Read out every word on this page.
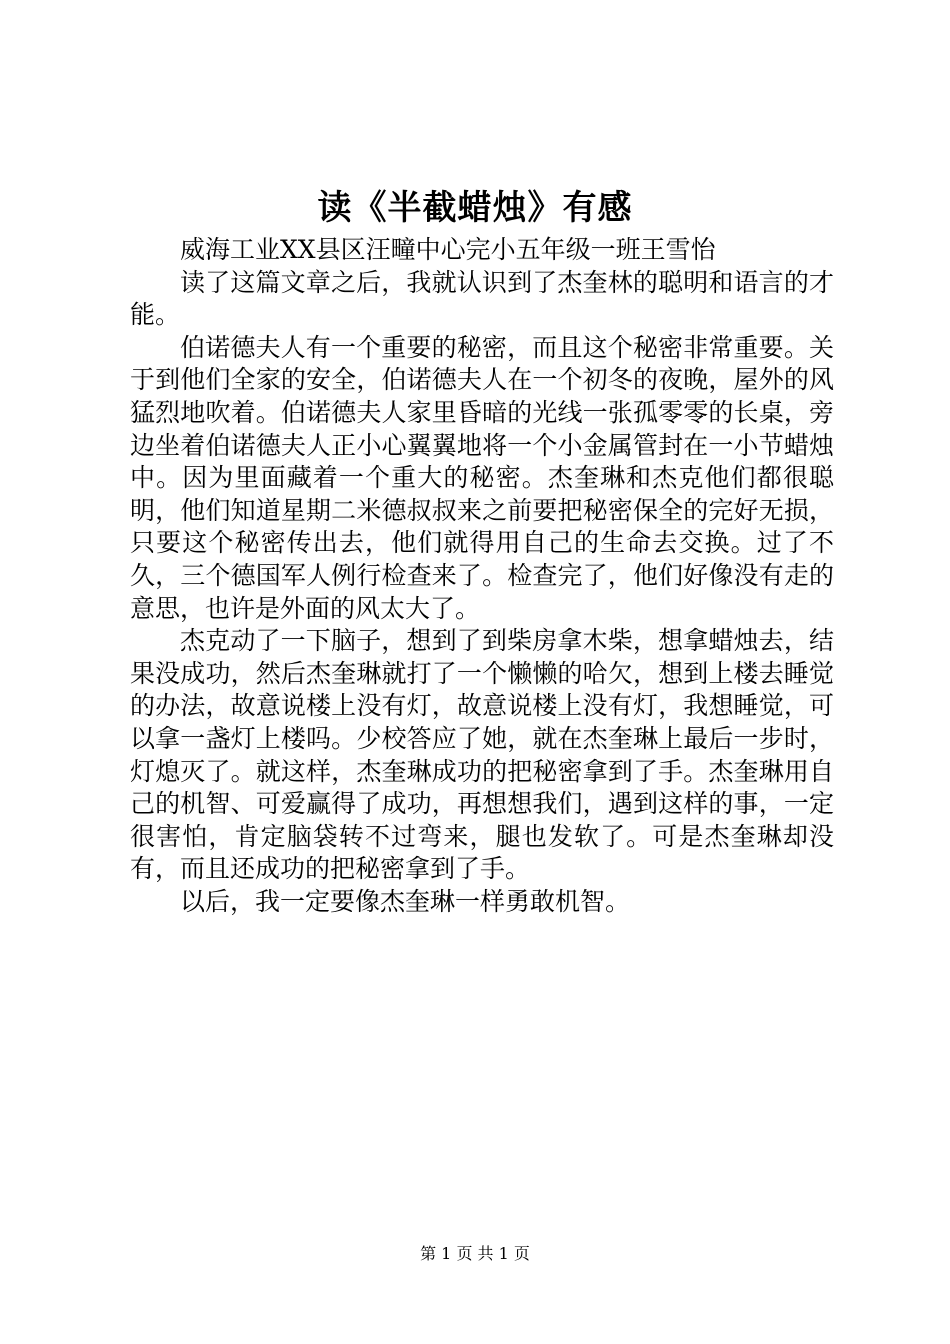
读《半截蜡烛》有感

威海工业XX县区汪疃中心完小五年级一班王雪怡

读了这篇文章之后，我就认识到了杰奎林的聪明和语言的才能。

伯诺德夫人有一个重要的秘密，而且这个秘密非常重要。关于到他们全家的安全，伯诺德夫人在一个初冬的夜晚，屋外的风猛烈地吹着。伯诺德夫人家里昏暗的光线一张孤零零的长桌，旁边坐着伯诺德夫人正小心翼翼地将一个小金属管封在一小节蜡烛中。因为里面藏着一个重大的秘密。杰奎琳和杰克他们都很聪明，他们知道星期二米德叔叔来之前要把秘密保全的完好无损，只要这个秘密传出去，他们就得用自己的生命去交换。过了不久，三个德国军人例行检查来了。检查完了，他们好像没有走的意思，也许是外面的风太大了。

杰克动了一下脑子，想到了到柴房拿木柴，想拿蜡烛去，结果没成功，然后杰奎琳就打了一个懒懒的哈欠，想到上楼去睡觉的办法，故意说楼上没有灯，故意说楼上没有灯，我想睡觉，可以拿一盏灯上楼吗。少校答应了她，就在杰奎琳上最后一步时，灯熄灭了。就这样，杰奎琳成功的把秘密拿到了手。杰奎琳用自己的机智、可爱赢得了成功，再想想我们，遇到这样的事，一定很害怕，肯定脑袋转不过弯来，腿也发软了。可是杰奎琳却没有，而且还成功的把秘密拿到了手。

以后，我一定要像杰奎琳一样勇敢机智。

第 1 页 共 1 页
